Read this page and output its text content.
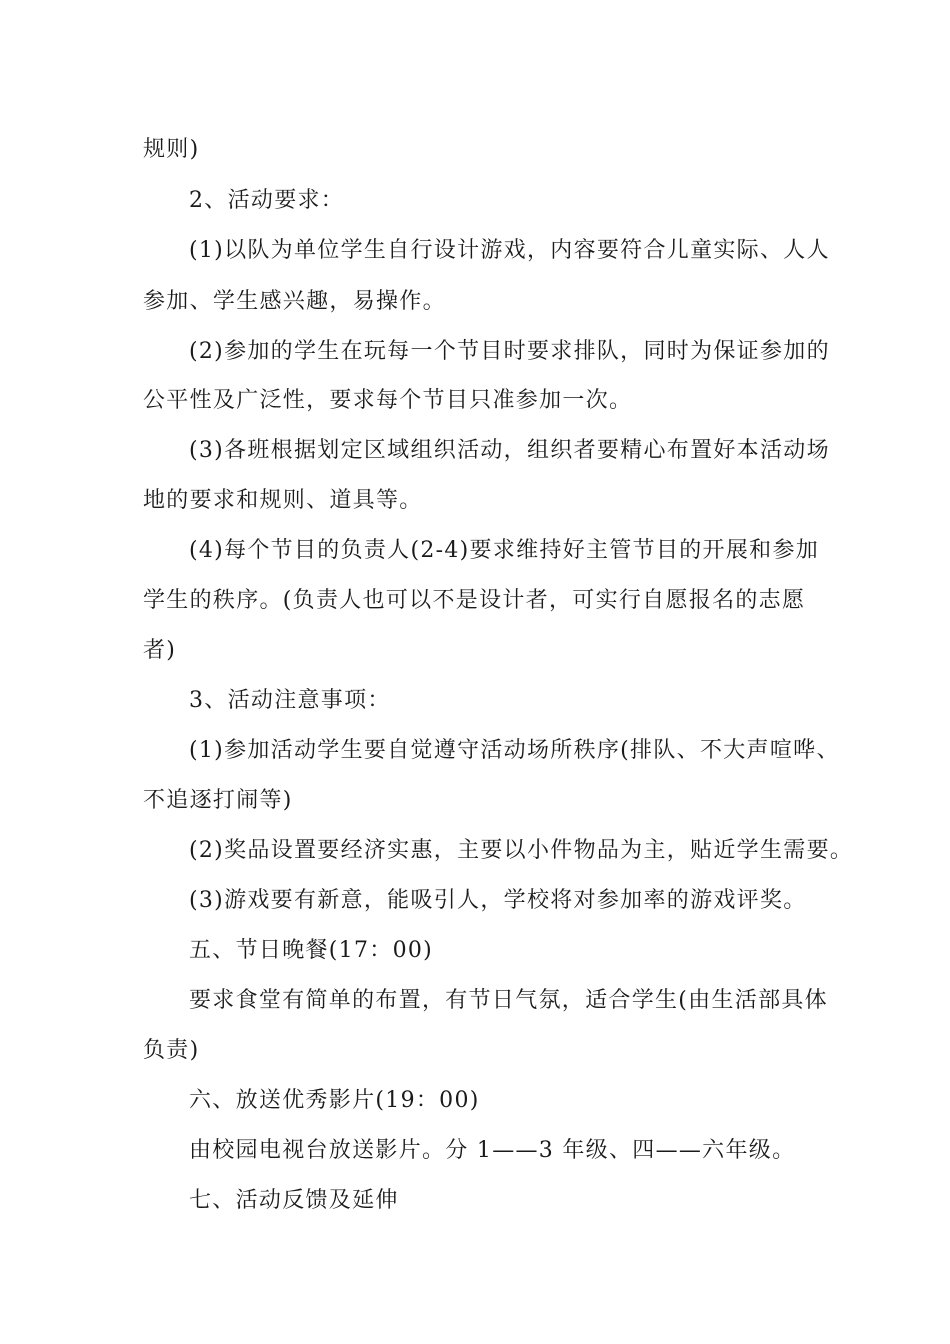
规则)
2、活动要求：
(1)以队为单位学生自行设计游戏，内容要符合儿童实际、人人
参加、学生感兴趣，易操作。
(2)参加的学生在玩每一个节目时要求排队，同时为保证参加的
公平性及广泛性，要求每个节目只准参加一次。
(3)各班根据划定区域组织活动，组织者要精心布置好本活动场
地的要求和规则、道具等。
(4)每个节目的负责人(2-4)要求维持好主管节目的开展和参加
学生的秩序。(负责人也可以不是设计者，可实行自愿报名的志愿
者)
3、活动注意事项：
(1)参加活动学生要自觉遵守活动场所秩序(排队、不大声喧哗、
不追逐打闹等)
(2)奖品设置要经济实惠，主要以小件物品为主，贴近学生需要。
(3)游戏要有新意，能吸引人，学校将对参加率的游戏评奖。
五、节日晚餐(17：00)
要求食堂有简单的布置，有节日气氛，适合学生(由生活部具体
负责)
六、放送优秀影片(19：00)
由校园电视台放送影片。分 1——3 年级、四——六年级。
七、活动反馈及延伸
